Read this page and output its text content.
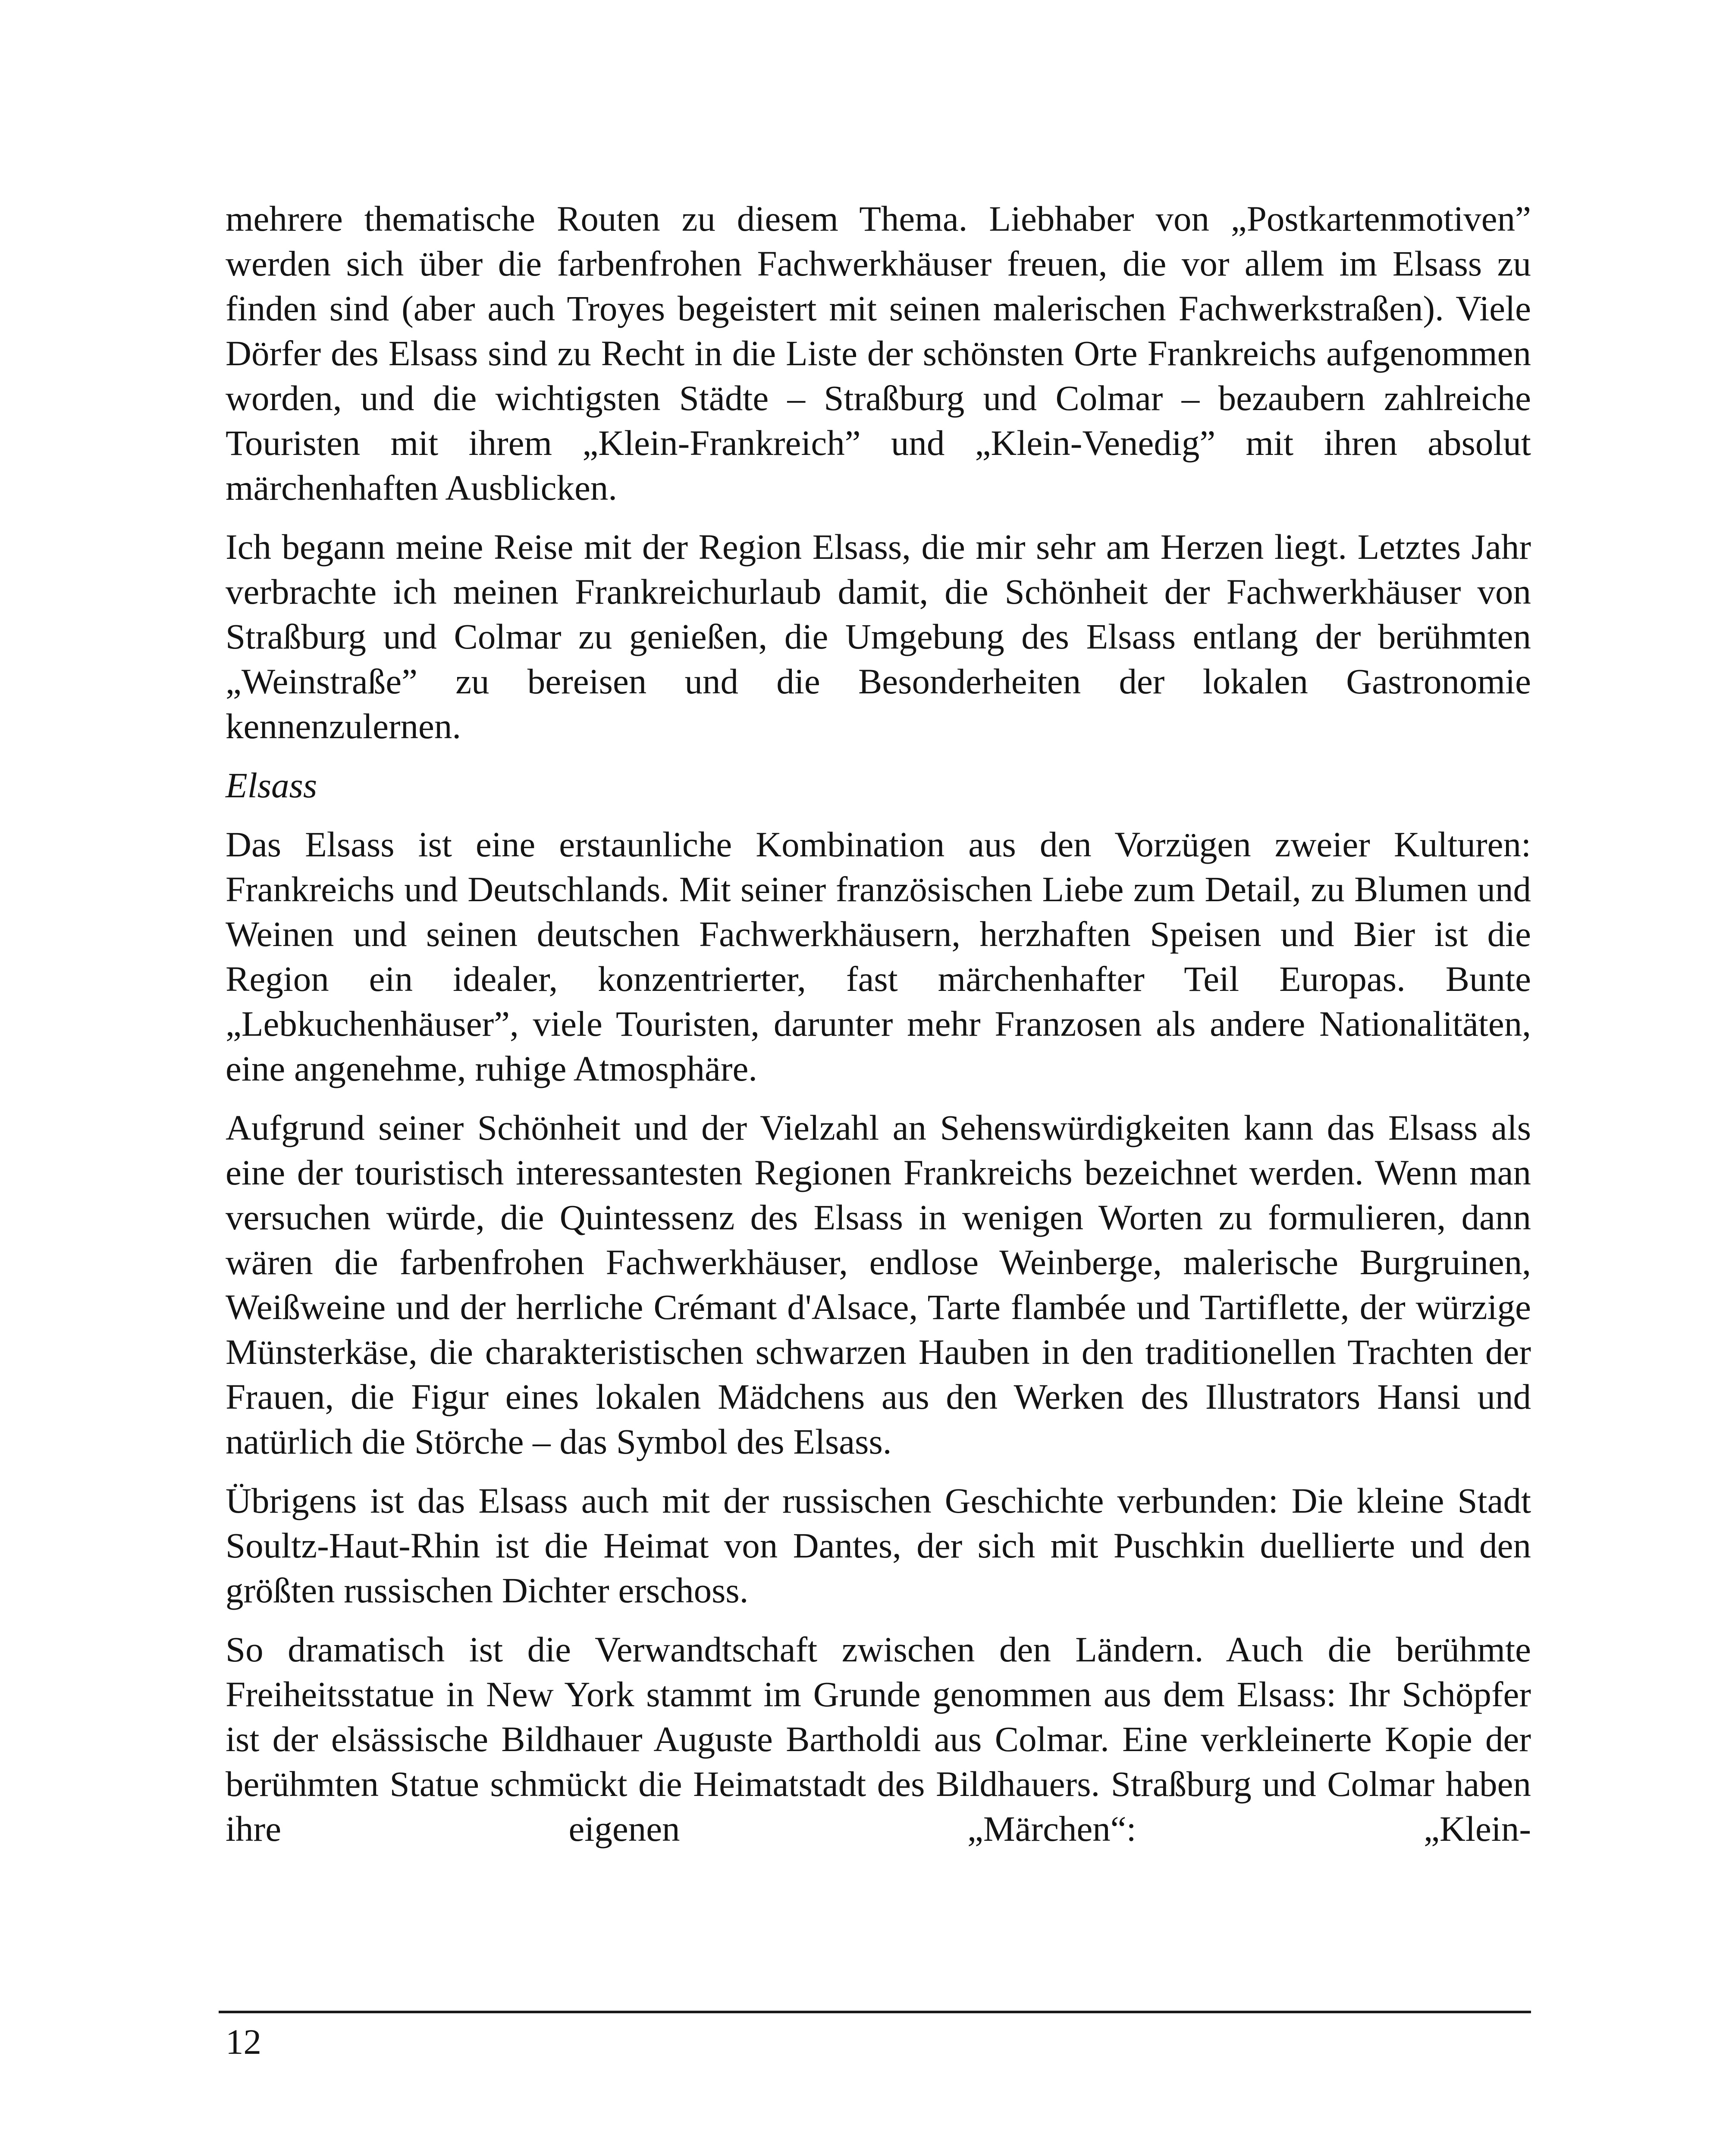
mehrere thematische Routen zu diesem Thema. Liebhaber von „Postkartenmotiven” werden sich über die farbenfrohen Fachwerkhäuser freuen, die vor allem im Elsass zu finden sind (aber auch Troyes begeistert mit seinen malerischen Fachwerkstraßen). Viele Dörfer des Elsass sind zu Recht in die Liste der schönsten Orte Frankreichs aufgenommen worden, und die wichtigsten Städte – Straßburg und Colmar – bezaubern zahlreiche Touristen mit ihrem „Klein-Frankreich” und „Klein-Venedig” mit ihren absolut märchenhaften Ausblicken.

Ich begann meine Reise mit der Region Elsass, die mir sehr am Herzen liegt. Letztes Jahr verbrachte ich meinen Frankreichurlaub damit, die Schönheit der Fachwerkhäuser von Straßburg und Colmar zu genießen, die Umgebung des Elsass entlang der berühmten „Weinstraße” zu bereisen und die Besonderheiten der lokalen Gastronomie kennenzulernen.

Elsass

Das Elsass ist eine erstaunliche Kombination aus den Vorzügen zweier Kulturen: Frankreichs und Deutschlands. Mit seiner französischen Liebe zum Detail, zu Blumen und Weinen und seinen deutschen Fachwerkhäusern, herzhaften Speisen und Bier ist die Region ein idealer, konzentrierter, fast märchenhafter Teil Europas. Bunte „Lebkuchenhäuser”, viele Touristen, darunter mehr Franzosen als andere Nationalitäten, eine angenehme, ruhige Atmosphäre.

Aufgrund seiner Schönheit und der Vielzahl an Sehenswürdigkeiten kann das Elsass als eine der touristisch interessantesten Regionen Frankreichs bezeichnet werden. Wenn man versuchen würde, die Quintessenz des Elsass in wenigen Worten zu formulieren, dann wären die farbenfrohen Fachwerkhäuser, endlose Weinberge, malerische Burgruinen, Weißweine und der herrliche Crémant d'Alsace, Tarte flambée und Tartiflette, der würzige Münsterkäse, die charakteristischen schwarzen Hauben in den traditionellen Trachten der Frauen, die Figur eines lokalen Mädchens aus den Werken des Illustrators Hansi und natürlich die Störche – das Symbol des Elsass.

Übrigens ist das Elsass auch mit der russischen Geschichte verbunden: Die kleine Stadt Soultz-Haut-Rhin ist die Heimat von Dantes, der sich mit Puschkin duellierte und den größten russischen Dichter erschoss.

So dramatisch ist die Verwandtschaft zwischen den Ländern. Auch die berühmte Freiheitsstatue in New York stammt im Grunde genommen aus dem Elsass: Ihr Schöpfer ist der elsässische Bildhauer Auguste Bartholdi aus Colmar. Eine verkleinerte Kopie der berühmten Statue schmückt die Heimatstadt des Bildhauers. Straßburg und Colmar haben ihre eigenen „Märchen“: „Klein-

12
